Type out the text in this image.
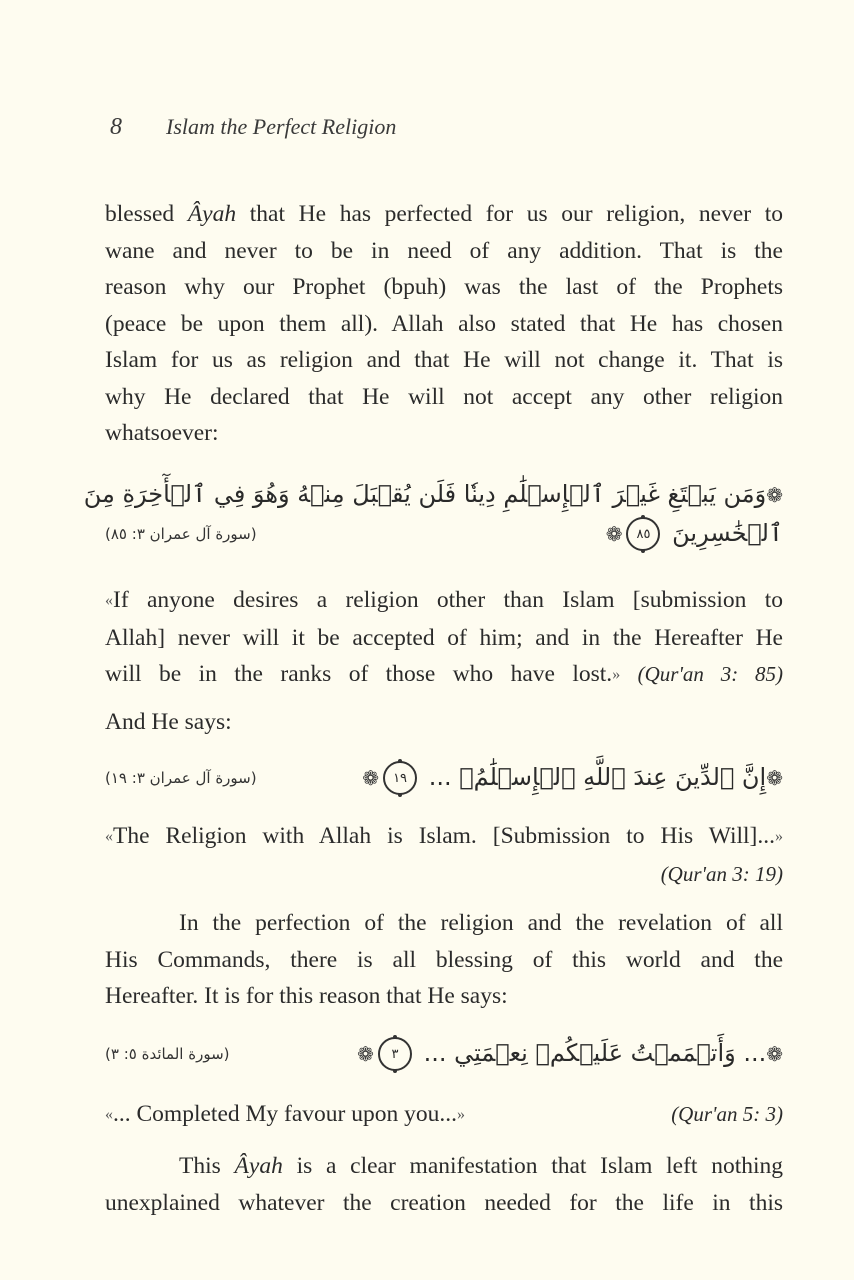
8 Islam the Perfect Religion
blessed Âyah that He has perfected for us our religion, never to
wane and never to be in need of any addition. That is the
reason why our Prophet (bpuh) was the last of the Prophets
(peace be upon them all). Allah also stated that He has chosen
Islam for us as religion and that He will not change it. That is
why He declared that He will not accept any other religion
whatsoever:
❁وَمَن يَبۡتَغِ غَيۡرَ ٱلۡإِسۡلَٰمِ دِينٗا فَلَن يُقۡبَلَ مِنۡهُ وَهُوَ فِي ٱلۡأٓخِرَةِ مِنَ
ٱلۡخَٰسِرِينَ ٨٥❁
(سورة آل عمران ٣: ٨٥)
«If anyone desires a religion other than Islam [submission to
Allah] never will it be accepted of him; and in the Hereafter He
will be in the ranks of those who have lost.» (Qur'an 3: 85)
And He says:
❁إِنَّ ٱلدِّينَ عِندَ ٱللَّهِ ٱلۡإِسۡلَٰمُۗ ... ١٩❁
(سورة آل عمران ٣: ١٩)
«The Religion with Allah is Islam. [Submission to His Will]...»
(Qur'an 3: 19)
In the perfection of the religion and the revelation of all
His Commands, there is all blessing of this world and the
Hereafter. It is for this reason that He says:
❁... وَأَتۡمَمۡتُ عَلَيۡكُمۡ نِعۡمَتِي ... ٣❁
(سورة المائدة ٥: ٣)
«... Completed My favour upon you...»	(Qur'an 5: 3)
This Âyah is a clear manifestation that Islam left nothing
unexplained whatever the creation needed for the life in this
